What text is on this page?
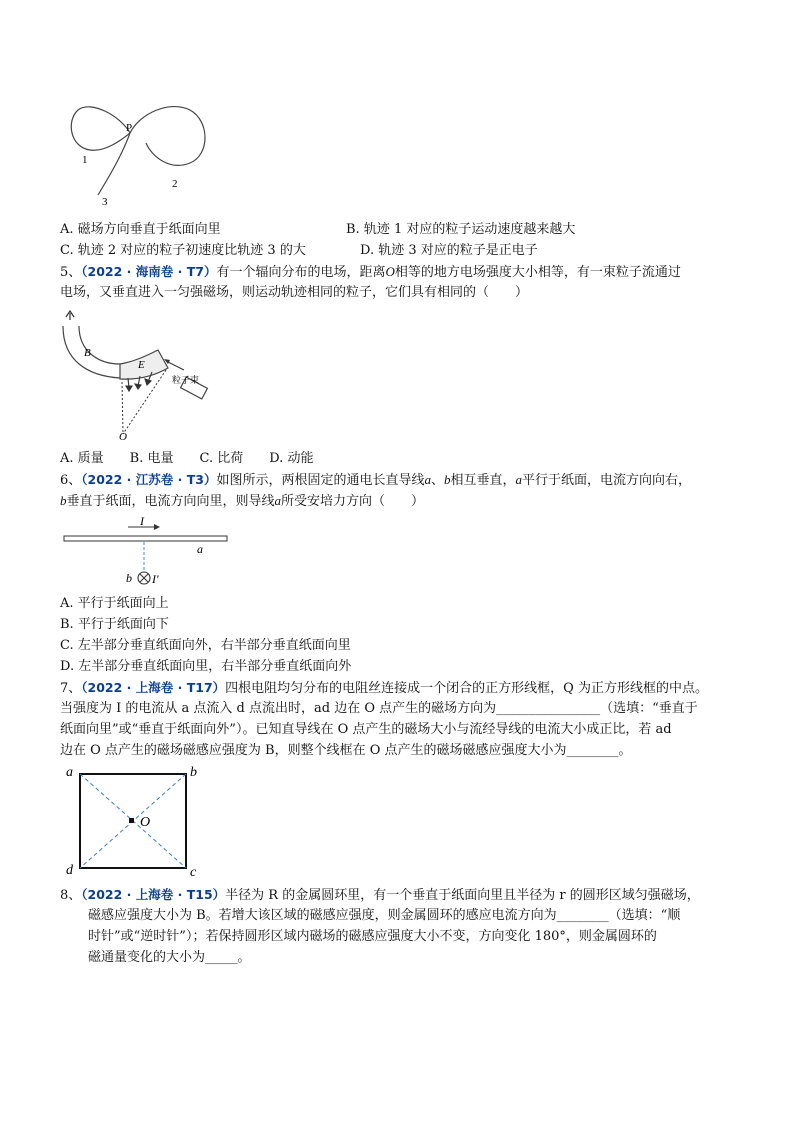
P
1
2
3
A. 磁场方向垂直于纸面向里	B. 轨迹 1 对应的粒子运动速度越来越大
C. 轨迹 2 对应的粒子初速度比轨迹 3 的大	D. 轨迹 3 对应的粒子是正电子
5、（2022 · 海南卷 · T7）有一个辐向分布的电场，距离O相等的地方电场强度大小相等，有一束粒子流通过
电场，又垂直进入一匀强磁场，则运动轨迹相同的粒子，它们具有相同的（　　）
B
E
粒子束
O
A. 质量　　B. 电量　　C. 比荷　　D. 动能
6、（2022 · 江苏卷 · T3）如图所示，两根固定的通电长直导线a、b相互垂直，a平行于纸面，电流方向向右，
b垂直于纸面，电流方向向里，则导线a所受安培力方向（　　）
I
a
b I′
A. 平行于纸面向上
B. 平行于纸面向下
C. 左半部分垂直纸面向外，右半部分垂直纸面向里
D. 左半部分垂直纸面向里，右半部分垂直纸面向外
7、（2022 · 上海卷 · T17）四根电阻均匀分布的电阻丝连接成一个闭合的正方形线框，Q 为正方形线框的中点。
当强度为 I 的电流从 a 点流入 d 点流出时，ad 边在 O 点产生的磁场方向为________________（选填：“垂直于
纸面向里”或“垂直于纸面向外”）。已知直导线在 O 点产生的磁场大小与流经导线的电流大小成正比，若 ad
边在 O 点产生的磁场磁感应强度为 B，则整个线框在 O 点产生的磁场磁感应强度大小为________。
a	b
c
d
O
8、（2022 · 上海卷 · T15）半径为 R 的金属圆环里，有一个垂直于纸面向里且半径为 r 的圆形区域匀强磁场，
磁感应强度大小为 B。若增大该区域的磁感应强度，则金属圆环的感应电流方向为________（选填：“顺
时针”或“逆时针”）；若保持圆形区域内磁场的磁感应强度大小不变，方向变化 180°，则金属圆环的
磁通量变化的大小为_____。
